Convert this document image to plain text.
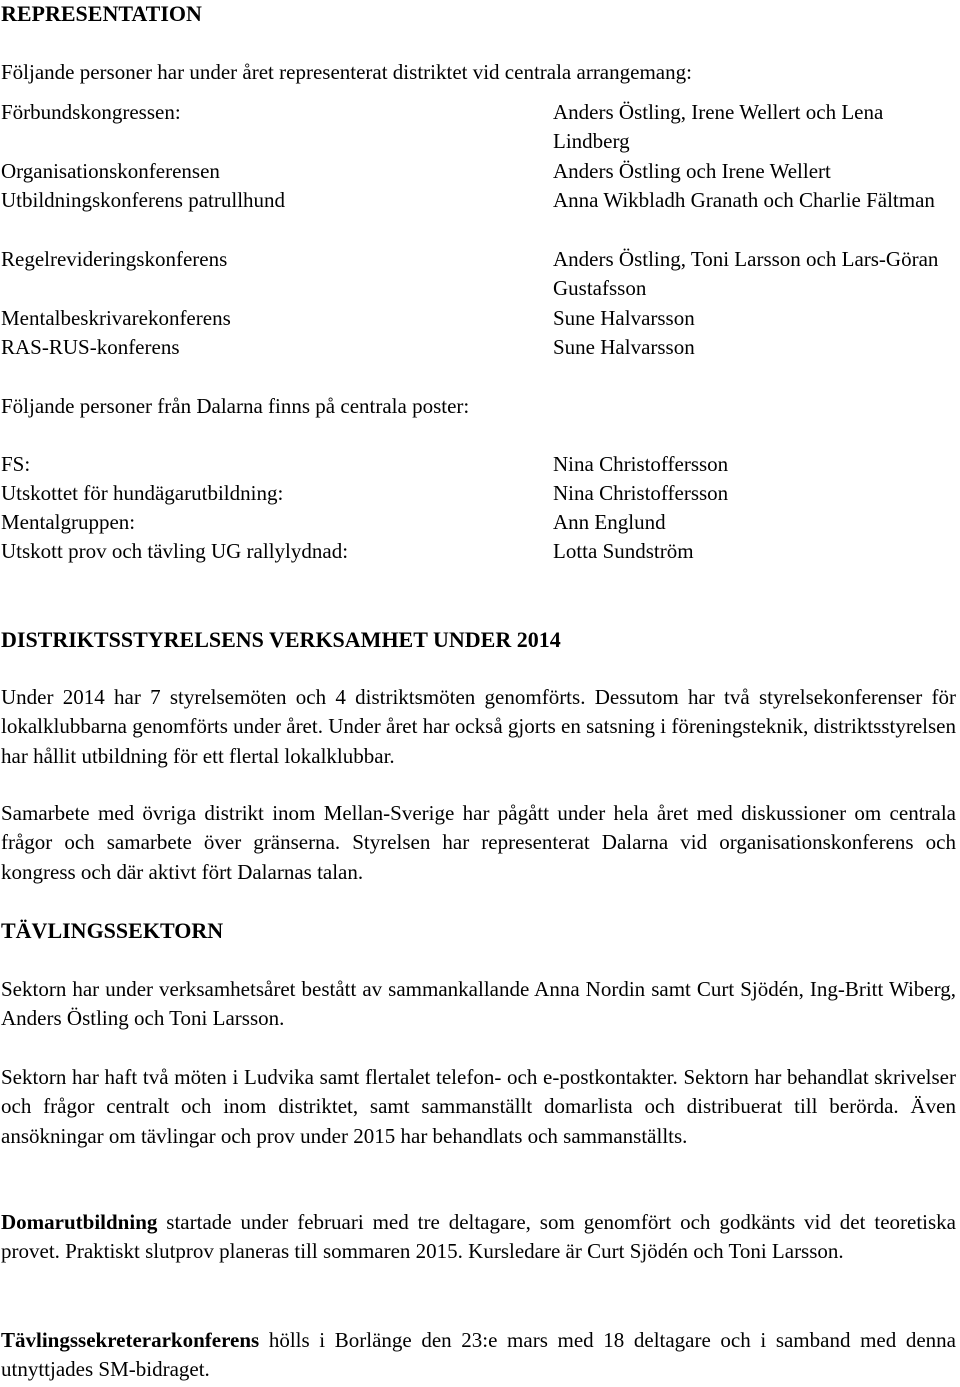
REPRESENTATION

Följande personer har under året representerat distriktet vid centrala arrangemang:

Förbundskongressen:	Anders Östling, Irene Wellert och Lena Lindberg
Organisationskonferensen	Anders Östling och Irene Wellert
Utbildningskonferens patrullhund	Anna Wikbladh Granath och Charlie Fältman
Regelrevideringskonferens	Anders Östling, Toni Larsson och Lars-Göran Gustafsson
Mentalbeskrivarekonferens	Sune Halvarsson
RAS-RUS-konferens	Sune Halvarsson

Följande personer från Dalarna finns på centrala poster:

FS:	Nina Christoffersson
Utskottet för hundägarutbildning:	Nina Christoffersson
Mentalgruppen:	Ann Englund
Utskott prov och tävling UG rallylydnad:	Lotta Sundström
DISTRIKTSSTYRELSENS VERKSAMHET UNDER 2014

Under 2014 har 7 styrelsemöten och 4 distriktsmöten genomförts. Dessutom har två styrelsekonferenser för lokalklubbarna genomförts under året. Under året har också gjorts en satsning i föreningsteknik, distriktsstyrelsen har hållit utbildning för ett flertal lokalklubbar.

Samarbete med övriga distrikt inom Mellan-Sverige har pågått under hela året med diskussioner om centrala frågor och samarbete över gränserna. Styrelsen har representerat Dalarna vid organisationskonferens och kongress och där aktivt fört Dalarnas talan.

TÄVLINGSSEKTORN

Sektorn har under verksamhetsåret bestått av sammankallande Anna Nordin samt Curt Sjödén, Ing-Britt Wiberg, Anders Östling och Toni Larsson.

Sektorn har haft två möten i Ludvika samt flertalet telefon- och e-postkontakter. Sektorn har behandlat skrivelser och frågor centralt och inom distriktet, samt sammanställt domarlista och distribuerat till berörda. Även ansökningar om tävlingar och prov under 2015 har behandlats och sammanställts.

Domarutbildning startade under februari med tre deltagare, som genomfört och godkänts vid det teoretiska provet. Praktiskt slutprov planeras till sommaren 2015. Kursledare är Curt Sjödén och Toni Larsson.

Tävlingssekreterarkonferens hölls i Borlänge den 23:e mars med 18 deltagare och i samband med denna utnyttjades SM-bidraget.
